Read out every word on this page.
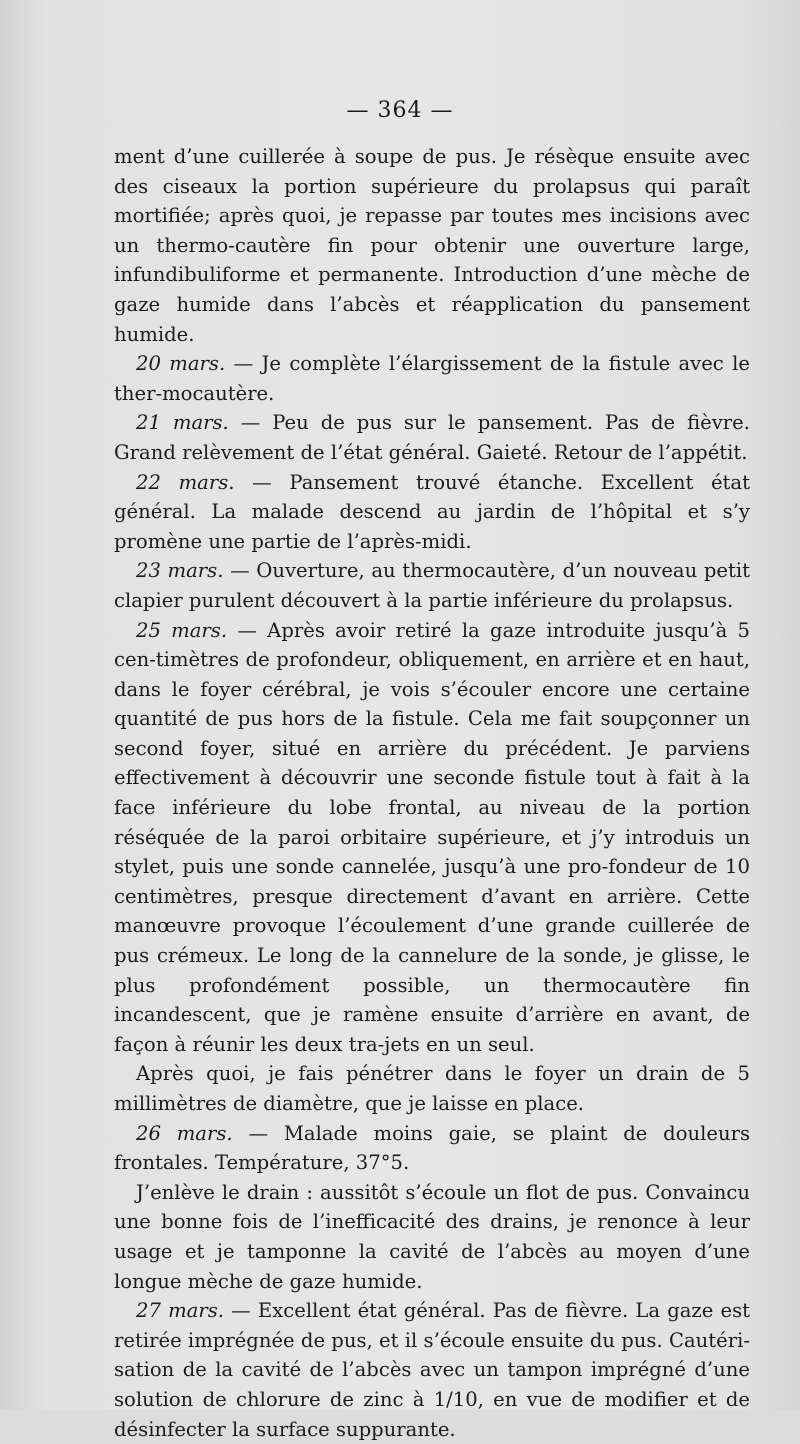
— 364 —

ment d’une cuillerée à soupe de pus. Je résèque ensuite avec des ciseaux la portion supérieure du prolapsus qui paraît mortifiée; après quoi, je repasse par toutes mes incisions avec un thermo-cautère fin pour obtenir une ouverture large, infundibuliforme et permanente. Introduction d’une mèche de gaze humide dans l’abcès et réapplication du pansement humide.

20 mars. — Je complète l’élargissement de la fistule avec le ther-mocautère.

21 mars. — Peu de pus sur le pansement. Pas de fièvre. Grand relèvement de l’état général. Gaieté. Retour de l’appétit.

22 mars. — Pansement trouvé étanche. Excellent état général. La malade descend au jardin de l’hôpital et s’y promène une partie de l’après-midi.

23 mars. — Ouverture, au thermocautère, d’un nouveau petit clapier purulent découvert à la partie inférieure du prolapsus.

25 mars. — Après avoir retiré la gaze introduite jusqu’à 5 cen-timètres de profondeur, obliquement, en arrière et en haut, dans le foyer cérébral, je vois s’écouler encore une certaine quantité de pus hors de la fistule. Cela me fait soupçonner un second foyer, situé en arrière du précédent. Je parviens effectivement à découvrir une seconde fistule tout à fait à la face inférieure du lobe frontal, au niveau de la portion réséquée de la paroi orbitaire supérieure, et j’y introduis un stylet, puis une sonde cannelée, jusqu’à une pro-fondeur de 10 centimètres, presque directement d’avant en arrière. Cette manœuvre provoque l’écoulement d’une grande cuillerée de pus crémeux. Le long de la cannelure de la sonde, je glisse, le plus profondément possible, un thermocautère fin incandescent, que je ramène ensuite d’arrière en avant, de façon à réunir les deux tra-jets en un seul.

Après quoi, je fais pénétrer dans le foyer un drain de 5 millimètres de diamètre, que je laisse en place.

26 mars. — Malade moins gaie, se plaint de douleurs frontales. Température, 37°5.

J’enlève le drain : aussitôt s’écoule un flot de pus. Convaincu une bonne fois de l’inefficacité des drains, je renonce à leur usage et je tamponne la cavité de l’abcès au moyen d’une longue mèche de gaze humide.

27 mars. — Excellent état général. Pas de fièvre. La gaze est retirée imprégnée de pus, et il s’écoule ensuite du pus. Cautéri-sation de la cavité de l’abcès avec un tampon imprégné d’une solution de chlorure de zinc à 1/10, en vue de modifier et de désinfecter la surface suppurante.
